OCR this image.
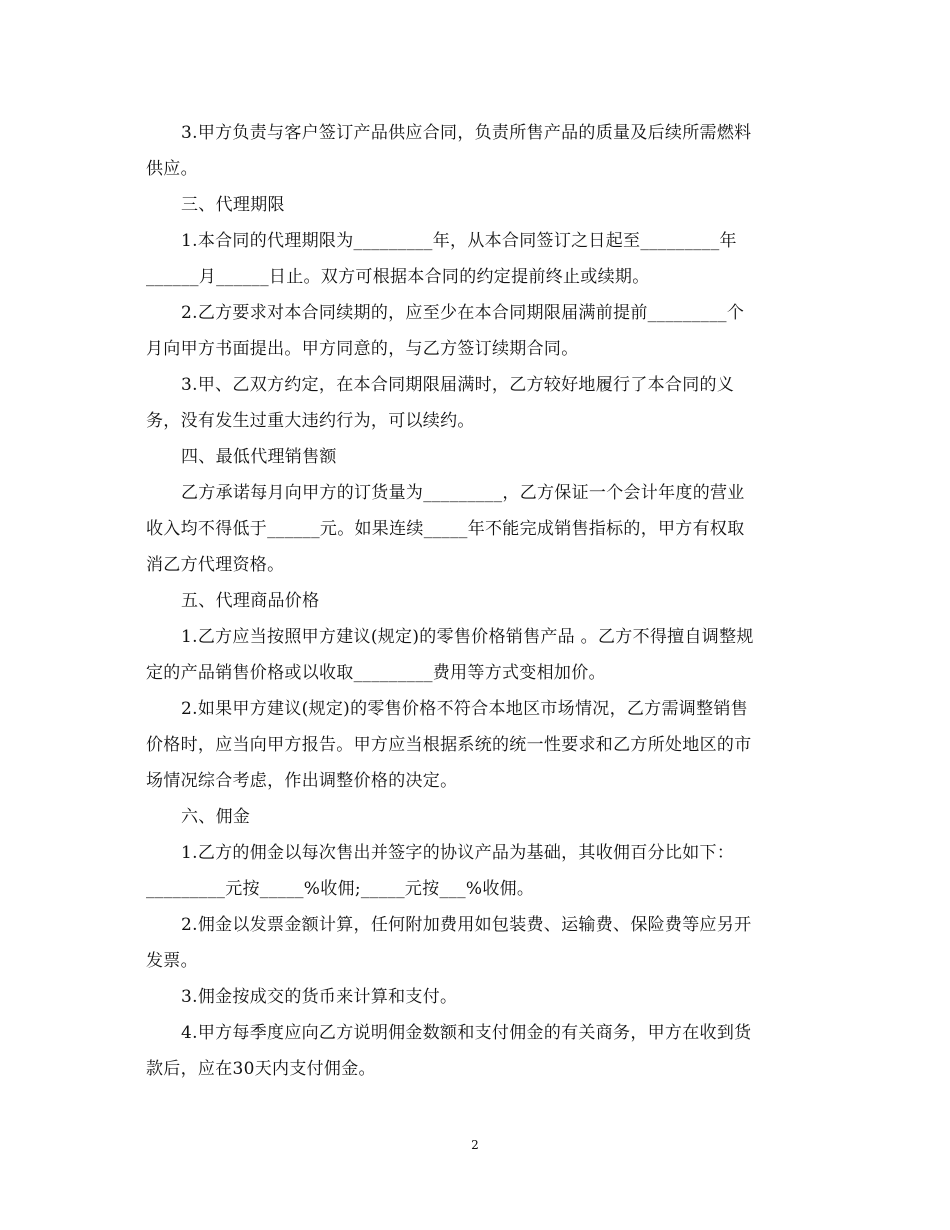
3.甲方负责与客户签订产品供应合同，负责所售产品的质量及后续所需燃料
供应。
三、代理期限
1.本合同的代理期限为_________年，从本合同签订之日起至_________年
______月______日止。双方可根据本合同的约定提前终止或续期。
2.乙方要求对本合同续期的，应至少在本合同期限届满前提前_________个
月向甲方书面提出。甲方同意的，与乙方签订续期合同。
3.甲、乙双方约定，在本合同期限届满时，乙方较好地履行了本合同的义
务，没有发生过重大违约行为，可以续约。
四、最低代理销售额
乙方承诺每月向甲方的订货量为_________，乙方保证一个会计年度的营业
收入均不得低于______元。如果连续_____年不能完成销售指标的，甲方有权取
消乙方代理资格。
五、代理商品价格
1.乙方应当按照甲方建议(规定)的零售价格销售产品 。乙方不得擅自调整规
定的产品销售价格或以收取_________费用等方式变相加价。
2.如果甲方建议(规定)的零售价格不符合本地区市场情况，乙方需调整销售
价格时，应当向甲方报告。甲方应当根据系统的统一性要求和乙方所处地区的市
场情况综合考虑，作出调整价格的决定。
六、佣金
1.乙方的佣金以每次售出并签字的协议产品为基础，其收佣百分比如下：
_________元按_____%收佣;_____元按___%收佣。
2.佣金以发票金额计算，任何附加费用如包装费、运输费、保险费等应另开
发票。
3.佣金按成交的货币来计算和支付。
4.甲方每季度应向乙方说明佣金数额和支付佣金的有关商务，甲方在收到货
款后，应在30天内支付佣金。
2
